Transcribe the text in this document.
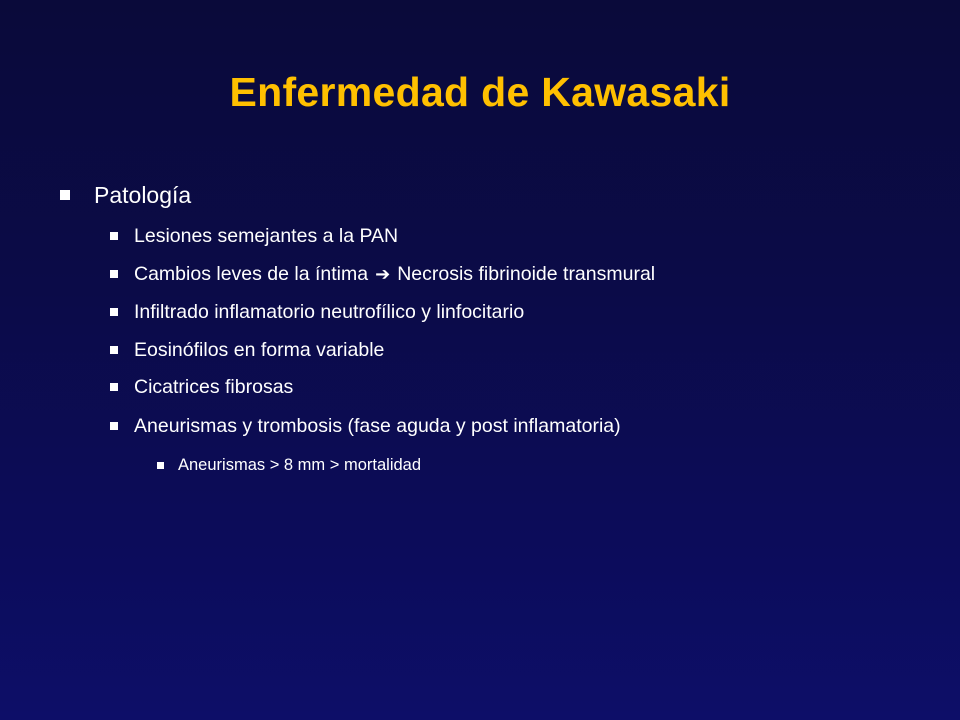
Enfermedad de Kawasaki
Patología
Lesiones semejantes a la PAN
Cambios leves de la íntima ➔ Necrosis fibrinoide transmural
Infiltrado inflamatorio neutrofílico y linfocitario
Eosinófilos en forma variable
Cicatrices fibrosas
Aneurismas y trombosis (fase aguda y post inflamatoria)
Aneurismas > 8 mm > mortalidad
